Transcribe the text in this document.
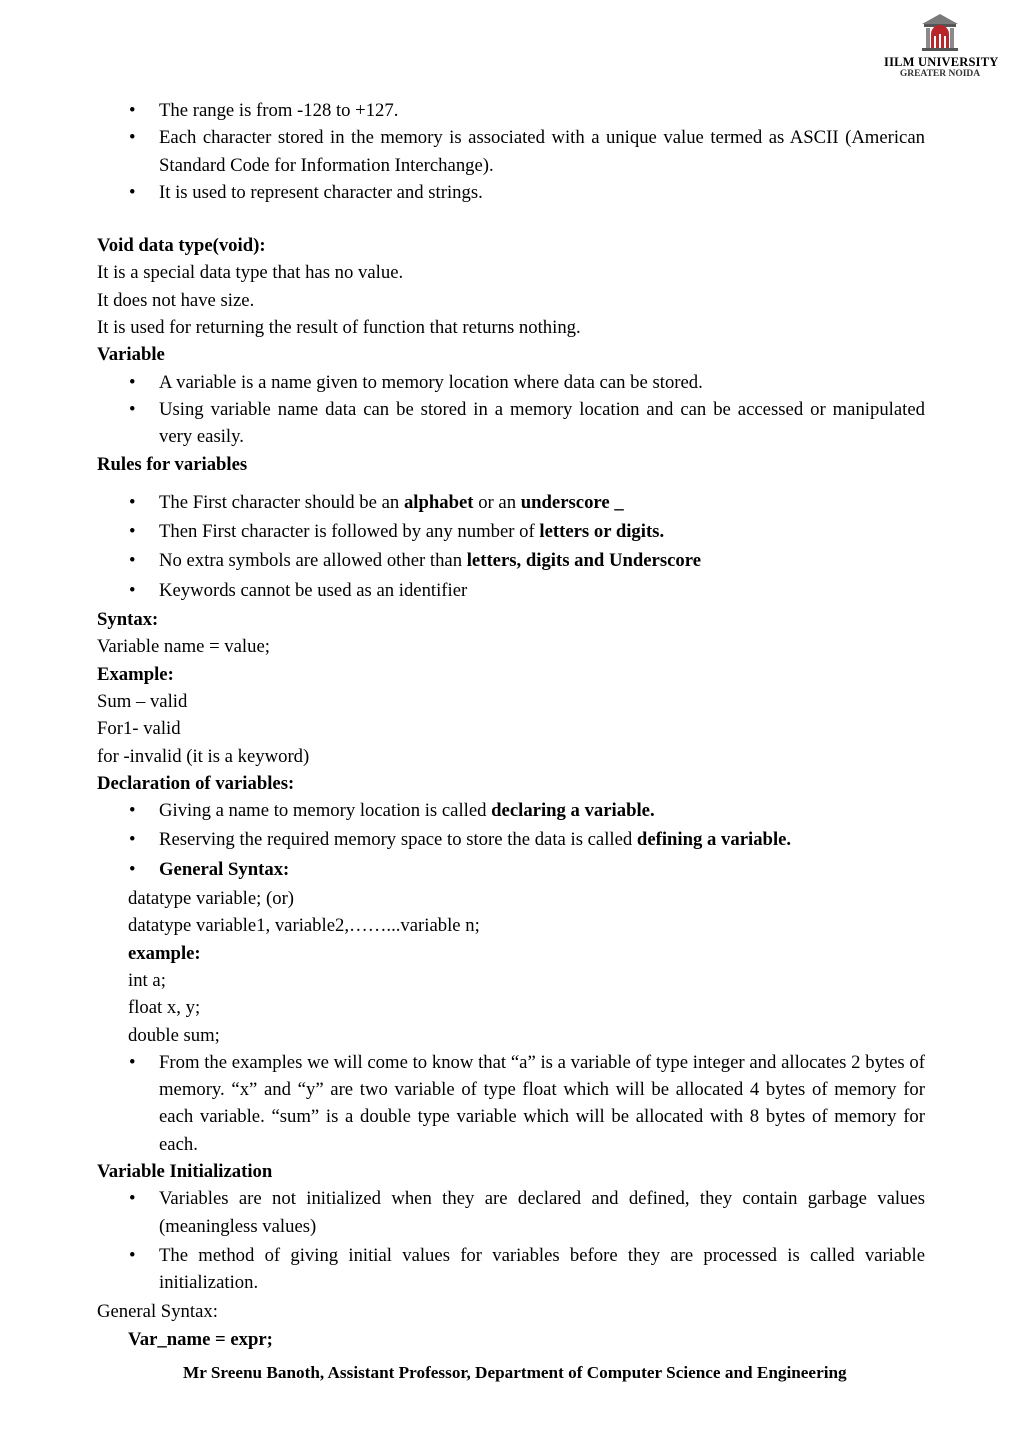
IILM UNIVERSITY
GREATER NOIDA
• The range is from -128 to +127.
• Each character stored in the memory is associated with a unique value termed as ASCII (American Standard Code for Information Interchange).
• It is used to represent character and strings.

Void data type(void):

It is a special data type that has no value.

It does not have size.

It is used for returning the result of function that returns nothing.

Variable

• A variable is a name given to memory location where data can be stored.
• Using variable name data can be stored in a memory location and can be accessed or manipulated very easily.

Rules for variables

• The First character should be an alphabet or an underscore _
• Then First character is followed by any number of letters or digits.
• No extra symbols are allowed other than letters, digits and Underscore
• Keywords cannot be used as an identifier

Syntax:

Variable name = value;

Example:

Sum – valid

For1- valid

for -invalid (it is a keyword)

Declaration of variables:

• Giving a name to memory location is called declaring a variable.
• Reserving the required memory space to store the data is called defining a variable.
• General Syntax:

datatype variable; (or)

datatype variable1, variable2,……...variable n;

example:

int a;

float x, y;

double sum;

• From the examples we will come to know that “a” is a variable of type integer and allocates 2 bytes of memory. “x” and “y” are two variable of type float which will be allocated 4 bytes of memory for each variable. “sum” is a double type variable which will be allocated with 8 bytes of memory for each.

Variable Initialization

• Variables are not initialized when they are declared and defined, they contain garbage values (meaningless values)
• The method of giving initial values for variables before they are processed is called variable initialization.

General Syntax:

Var_name = expr;

Mr Sreenu Banoth, Assistant Professor, Department of Computer Science and Engineering
